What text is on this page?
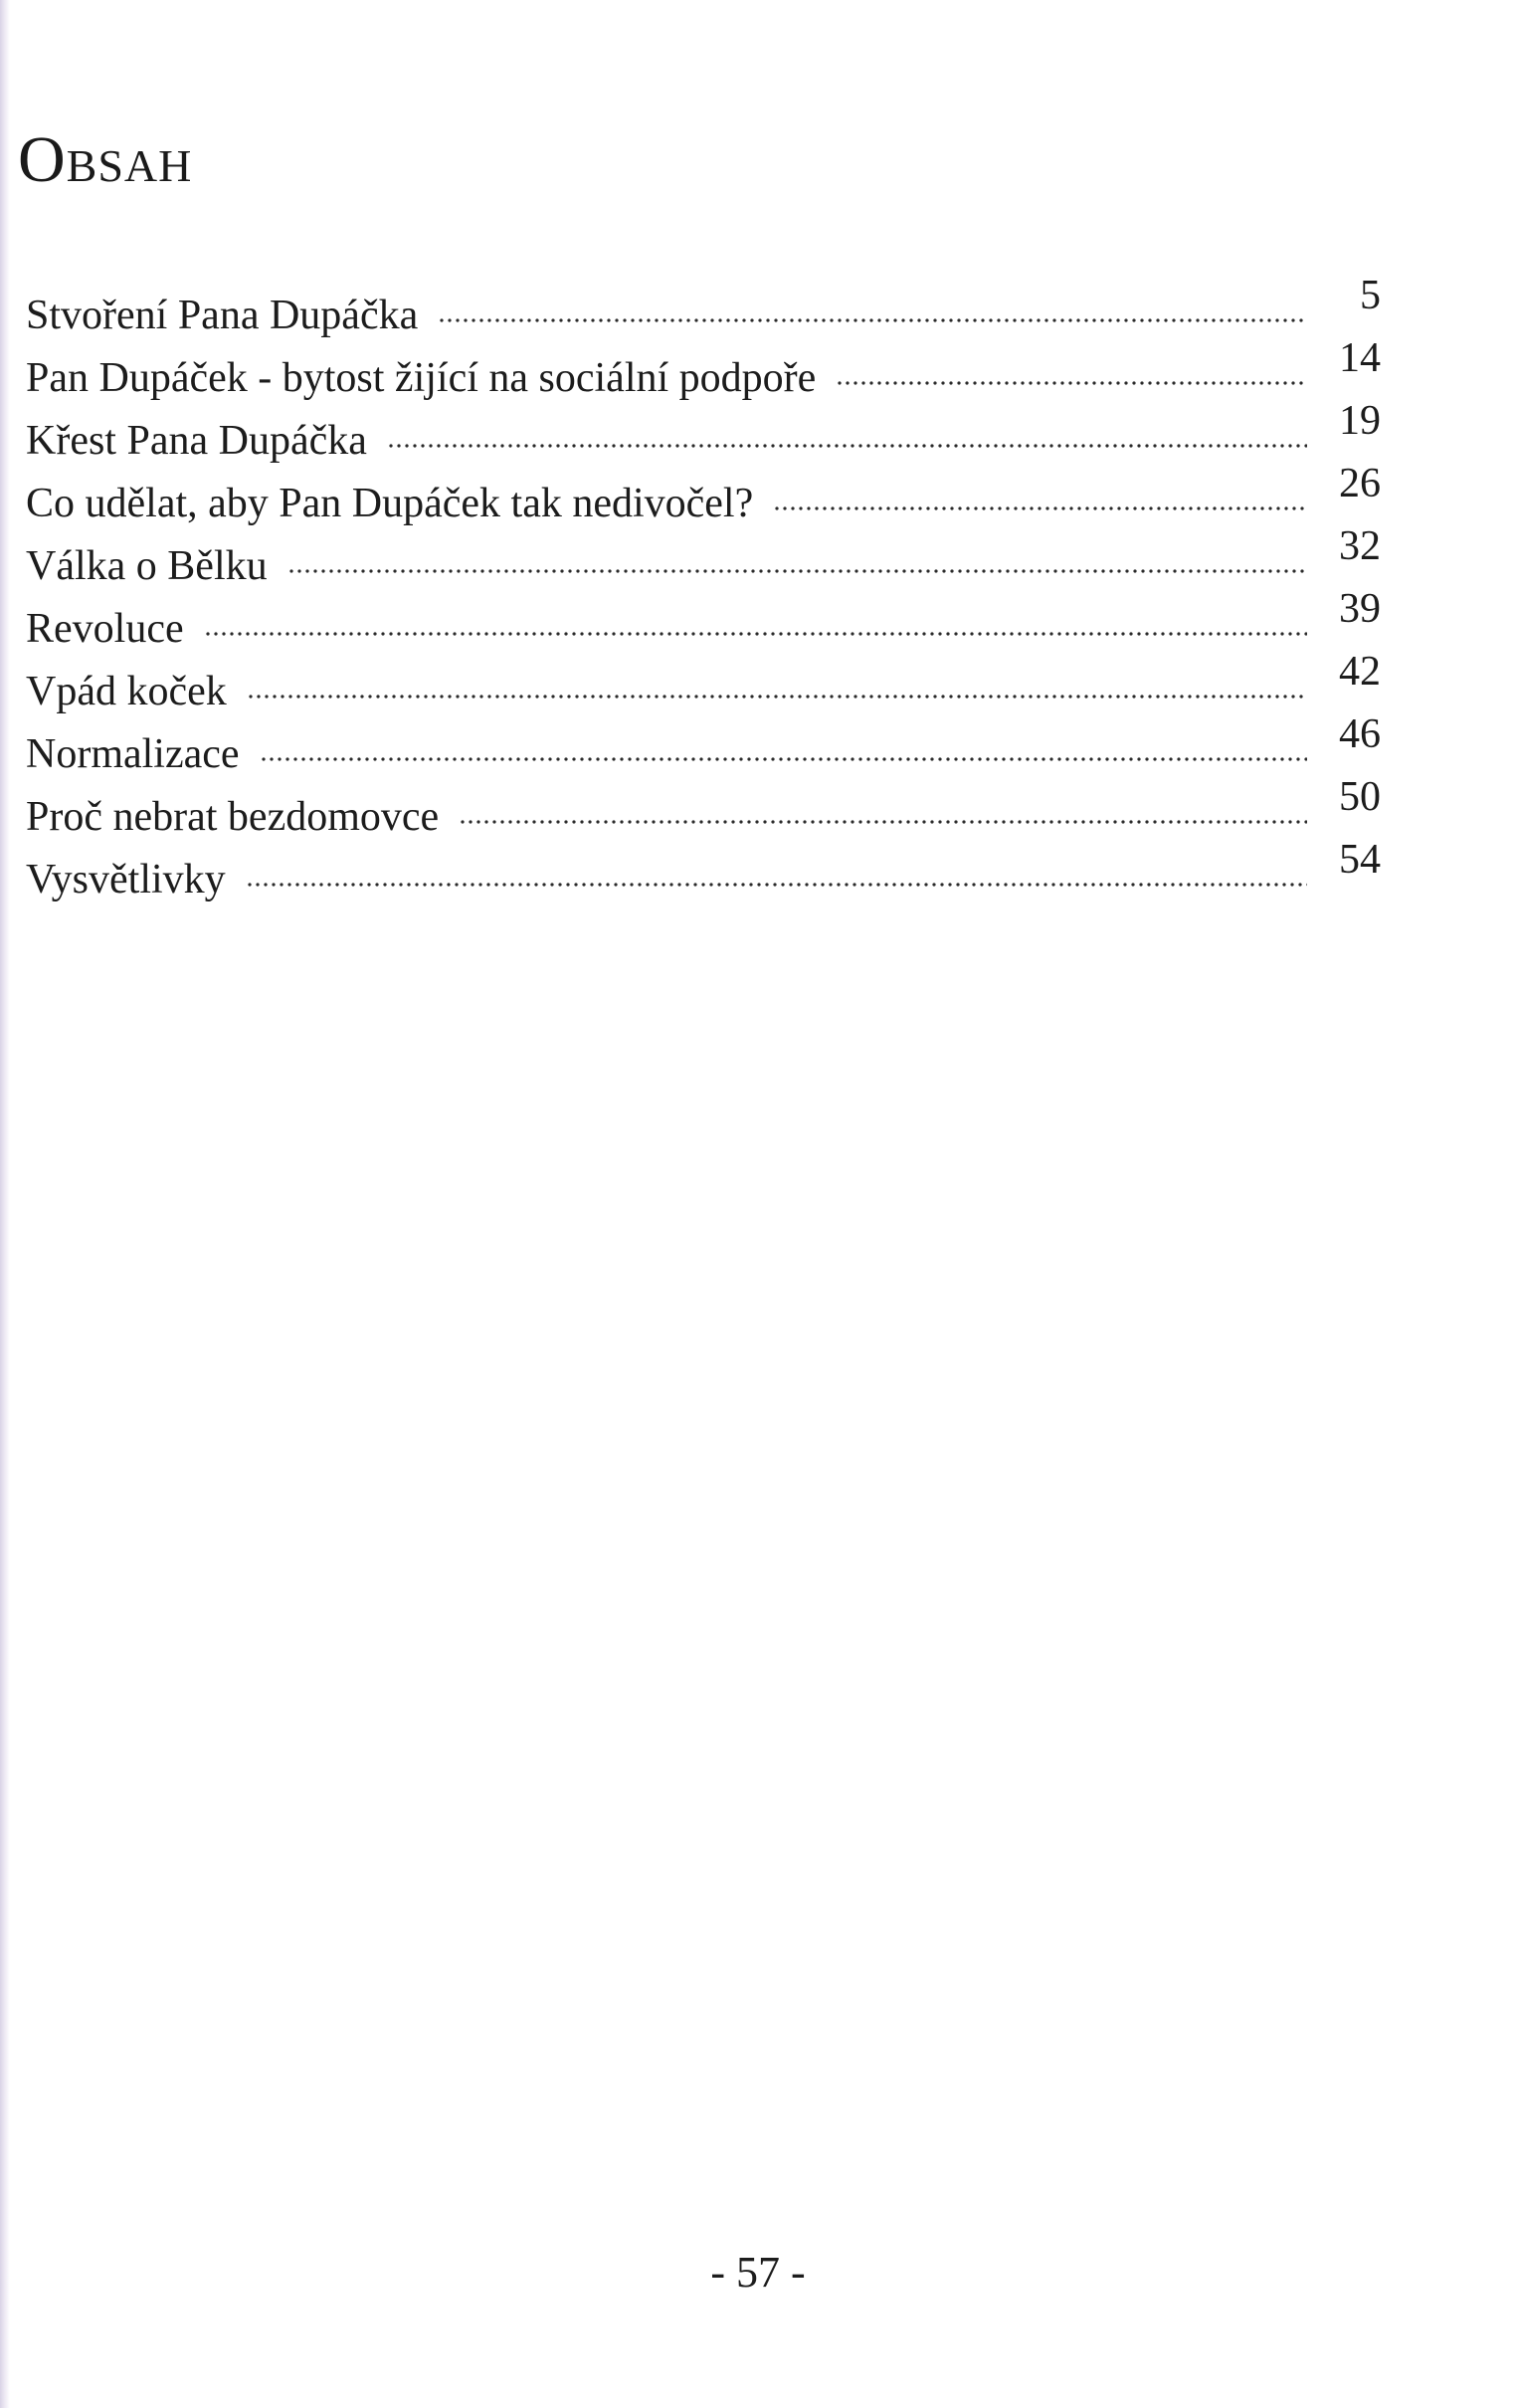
Obsah
Stvoření Pana Dupáčka	5
Pan Dupáček - bytost žijící na sociální podpoře	14
Křest Pana Dupáčka	19
Co udělat, aby Pan Dupáček tak nedivočel?	26
Válka o Bělku	32
Revoluce	39
Vpád koček	42
Normalizace	46
Proč nebrat bezdomovce	50
Vysvětlivky	54
- 57 -
